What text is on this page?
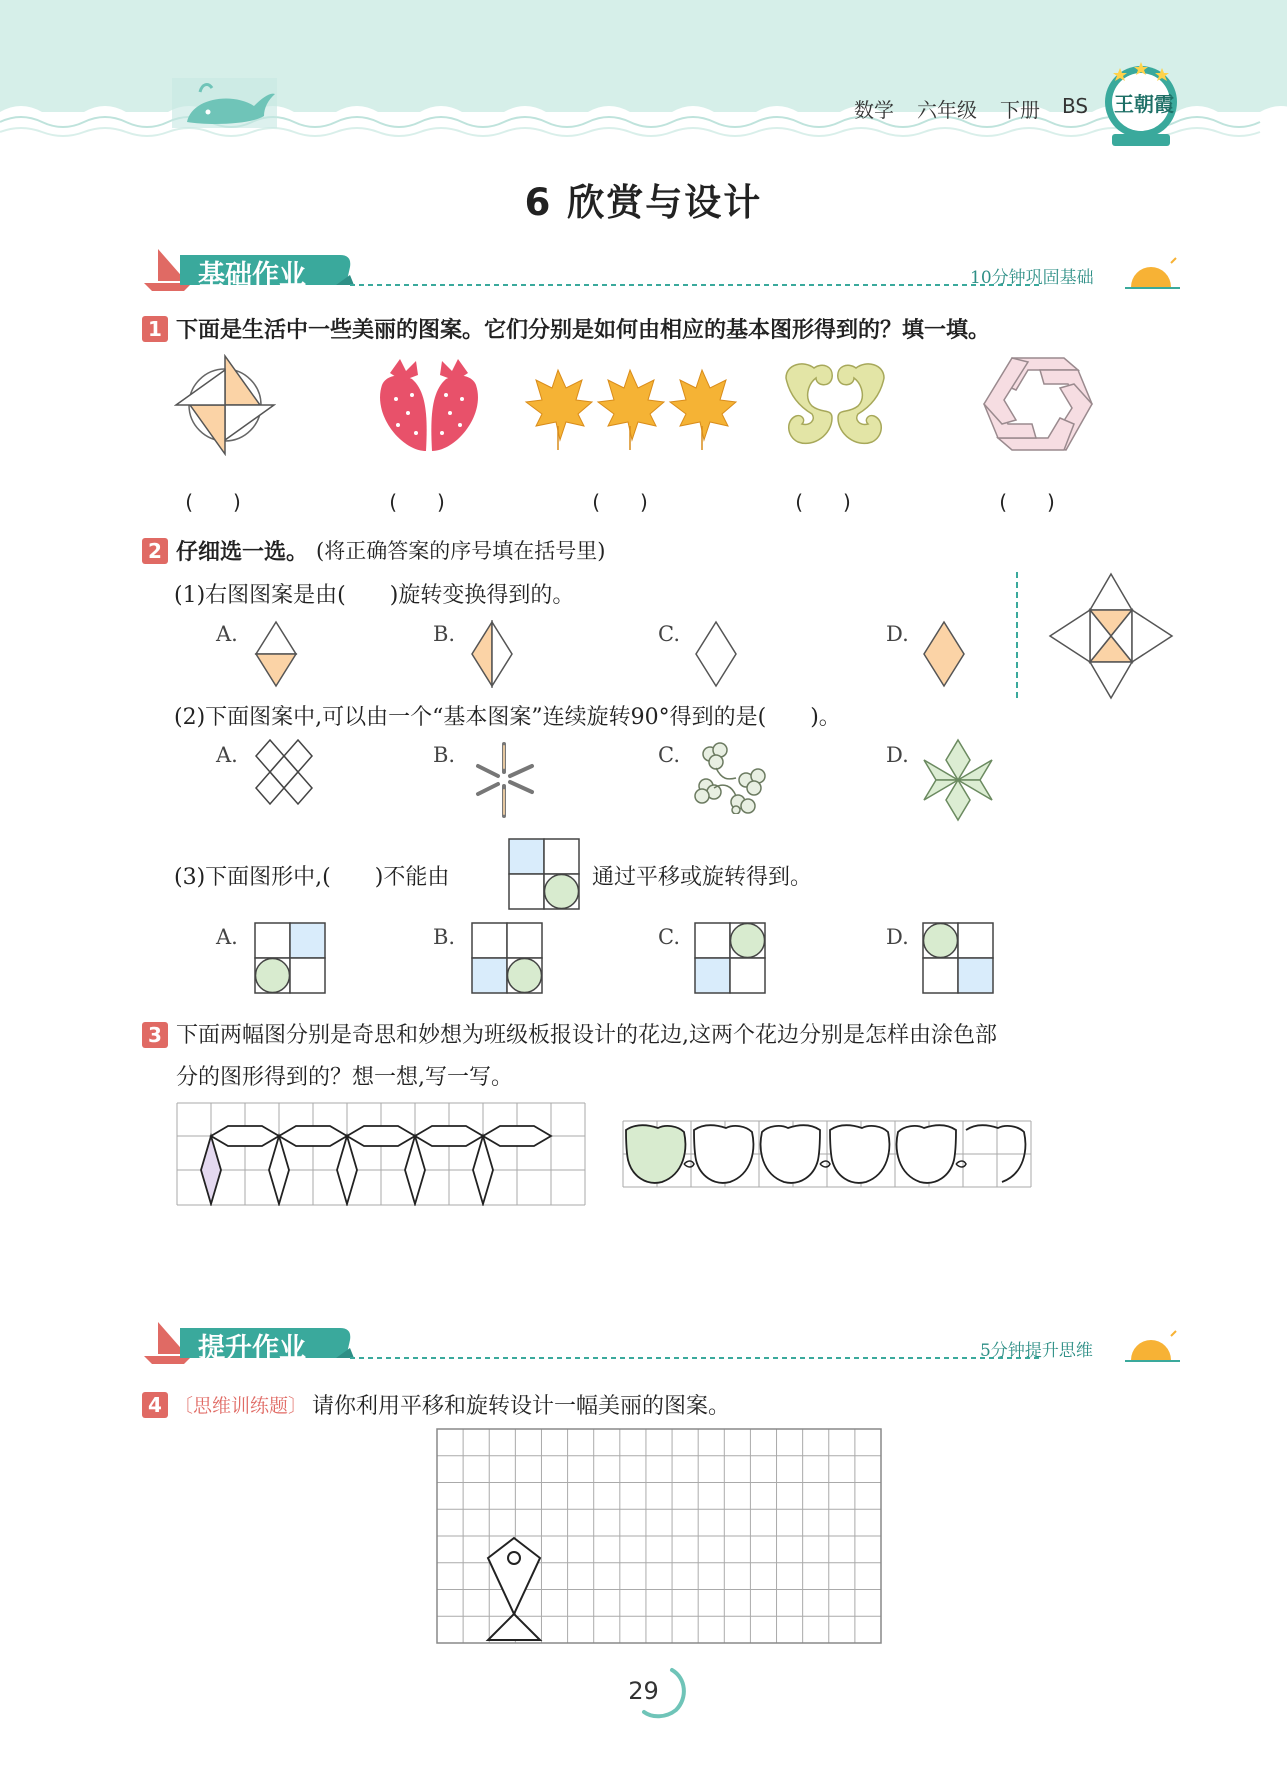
数学 六年级 下册 BS 王朝霞
6 欣赏与设计
基础作业	10分钟巩固基础
1 下面是生活中一些美丽的图案。它们分别是如何由相应的基本图形得到的？填一填。
(　　)	(　　)	(　　)	(　　)	(　　)
2 仔细选一选。 (将正确答案的序号填在括号里)
(1)右图图案是由(　　)旋转变换得到的。
A.	B.	C.	D.
(2)下面图案中,可以由一个“基本图案”连续旋转90°得到的是(　　)。
A.	B.	C.	D.
(3)下面图形中,(　　)不能由	通过平移或旋转得到。
A.	B.	C.	D.
3 下面两幅图分别是奇思和妙想为班级板报设计的花边,这两个花边分别是怎样由涂色部
分的图形得到的？想一想,写一写。
提升作业	5分钟提升思维
4 〔思维训练题〕 请你利用平移和旋转设计一幅美丽的图案。
29
